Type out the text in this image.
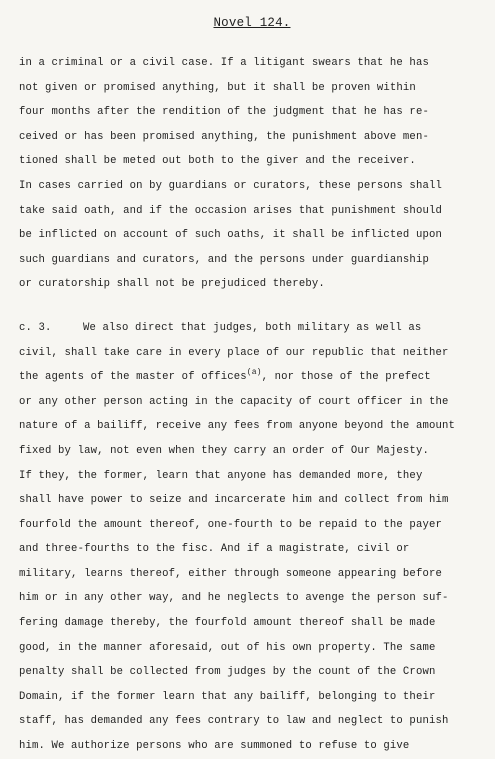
Novel 124.
in a criminal or a civil case. If a litigant swears that he has
not given or promised anything, but it shall be proven within
four months after the rendition of the judgment that he has re-
ceived or has been promised anything, the punishment above men-
tioned shall be meted out both to the giver and the receiver.
In cases carried on by guardians or curators, these persons shall
take said oath, and if the occasion arises that punishment should
be inflicted on account of such oaths, it shall be inflicted upon
such guardians and curators, and the persons under guardianship
or curatorship shall not be prejudiced thereby.
c. 3.	We also direct that judges, both military as well as
civil, shall take care in every place of our republic that neither
the agents of the master of offices$^{(a)}$, nor those of the prefect
or any other person acting in the capacity of court officer in the
nature of a bailiff, receive any fees from anyone beyond the amount
fixed by law, not even when they carry an order of Our Majesty.
If they, the former, learn that anyone has demanded more, they
shall have power to seize and incarcerate him and collect from him
fourfold the amount thereof, one-fourth to be repaid to the payer
and three-fourths to the fisc. And if a magistrate, civil or
military, learns thereof, either through someone appearing before
him or in any other way, and he neglects to avenge the person suf-
fering damage thereby, the fourfold amount thereof shall be made
good, in the manner aforesaid, out of his own property. The same
penalty shall be collected from judges by the count of the Crown
Domain, if the former learn that any bailiff, belonging to their
staff, has demanded any fees contrary to law and neglect to punish
him. We authorize persons who are summoned to refuse to give
